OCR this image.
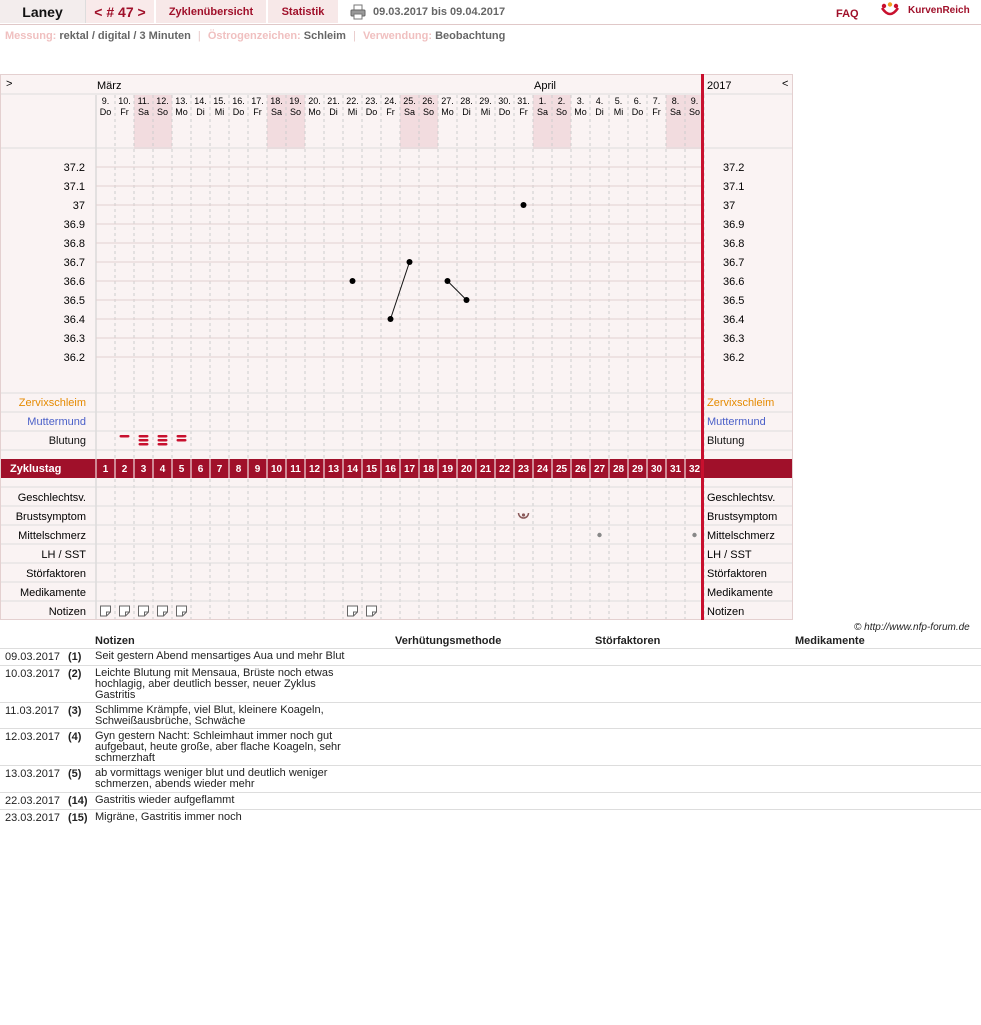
Laney	< # 47 >	Zyklenübersicht	Statistik	09.03.2017 bis 09.04.2017	FAQ	KurvenReich
Messung: rektal / digital / 3 Minuten | Östrogenzeichen: Schleim | Verwendung: Beobachtung
>	<
2017
März	April
9.
Do
10.
Fr
11.
Sa
12.
So
13.
Mo
14.
Di
15.
Mi
16.
Do
17.
Fr
18.
Sa
19.
So
20.
Mo
21.
Di
22.
Mi
23.
Do
24.
Fr
25.
Sa
26.
So
27.
Mo
28.
Di
29.
Mi
30.
Do
31.
Fr
1.
Sa
2.
So
3.
Mo
4.
Di
5.
Mi
6.
Do
7.
Fr
8.
Sa
9.
So
37.2	37.2
37.1	37.1
37	37
36.9	36.9
36.8	36.8
36.7	36.7
36.6	36.6
36.5	36.5
36.4	36.4
36.3	36.3
36.2	36.2
Zervixschleim	Zervixschleim
Muttermund	Muttermund
Blutung	Blutung
Zyklustag	1 2 3 4 5 6 7 8 9 10 11 12 13 14 15 16 17 18 19 20 21 22 23 24 25 26 27 28 29 30 31 32
Geschlechtsv.	Geschlechtsv.
Brustsymptom	Brustsymptom
Mittelschmerz	Mittelschmerz
LH / SST	LH / SST
Störfaktoren	Störfaktoren
Medikamente	Medikamente
Notizen	Notizen
© http://www.nfp-forum.de
Notizen	Verhütungsmethode	Störfaktoren	Medikamente
09.03.2017 (1) Seit gestern Abend mensartiges Aua und mehr Blut
10.03.2017 (2) Leichte Blutung mit Mensaua, Brüste noch etwas hochlagig, aber deutlich besser, neuer Zyklus Gastritis
11.03.2017 (3) Schlimme Krämpfe, viel Blut, kleinere Koageln, Schweißausbrüche, Schwäche
12.03.2017 (4) Gyn gestern Nacht: Schleimhaut immer noch gut aufgebaut, heute große, aber flache Koageln, sehr schmerzhaft
13.03.2017 (5) ab vormittags weniger blut und deutlich weniger schmerzen, abends wieder mehr
22.03.2017 (14) Gastritis wieder aufgeflammt
23.03.2017 (15) Migräne, Gastritis immer noch
